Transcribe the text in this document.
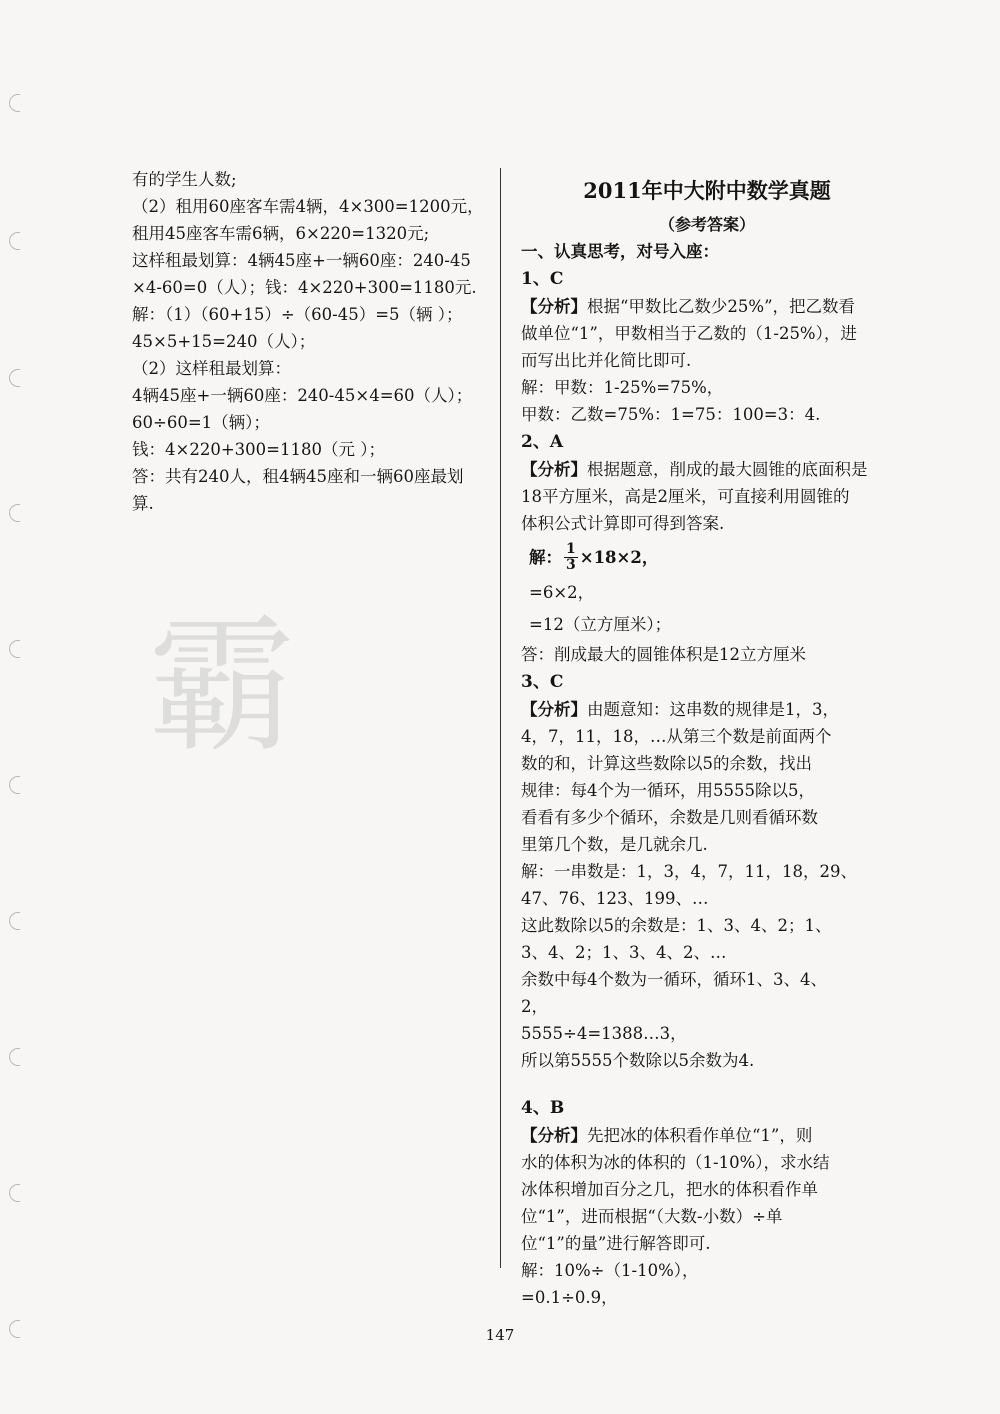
霸
有的学生人数;
（2）租用60座客车需4辆，4×300=1200元，
租用45座客车需6辆，6×220=1320元;
这样租最划算：4辆45座+一辆60座：240-45
×4-60=0（人）；钱：4×220+300=1180元.
解：（1）（60+15）÷（60-45）=5（辆 ）；
45×5+15=240（人）；
（2）这样租最划算：
4辆45座+一辆60座：240-45×4=60（人）；
60÷60=1（辆）；
钱：4×220+300=1180（元 ）；
答：共有240人，租4辆45座和一辆60座最划
算.
2011年中大附中数学真题
（参考答案）
一、认真思考，对号入座：
1、C
【分析】根据“甲数比乙数少25%”，把乙数看
做单位“1”，甲数相当于乙数的（1-25%），进
而写出比并化简比即可.
解：甲数：1-25%=75%，
甲数：乙数=75%：1=75：100=3：4.
2、A
【分析】根据题意，削成的最大圆锥的底面积是
18平方厘米，高是2厘米，可直接利用圆锥的
体积公式计算即可得到答案.
解： $\frac{1}{3} \times 18\times 2$，
=6×2，
=12（立方厘米）；
答：削成最大的圆锥体积是12立方厘米
3、C
【分析】由题意知：这串数的规律是1，3，
4，7，11，18，…从第三个数是前面两个
数的和，计算这些数除以5的余数，找出
规律：每4个为一循环，用5555除以5，
看看有多少个循环，余数是几则看循环数
里第几个数，是几就余几.
解：一串数是：1，3，4，7，11，18，29、
47、76、123、199、…
这此数除以5的余数是：1、3、4、2；1、
3、4、2；1、3、4、2、…
余数中每4个数为一循环，循环1、3、4、
2，
5555÷4=1388…3，
所以第5555个数除以5余数为4.
4、B
【分析】先把冰的体积看作单位“1”，则
水的体积为冰的体积的（1-10%），求水结
冰体积增加百分之几，把水的体积看作单
位“1”，进而根据“（大数-小数）÷单
位“1”的量”进行解答即可.
解：10%÷（1-10%），
=0.1÷0.9，
147
